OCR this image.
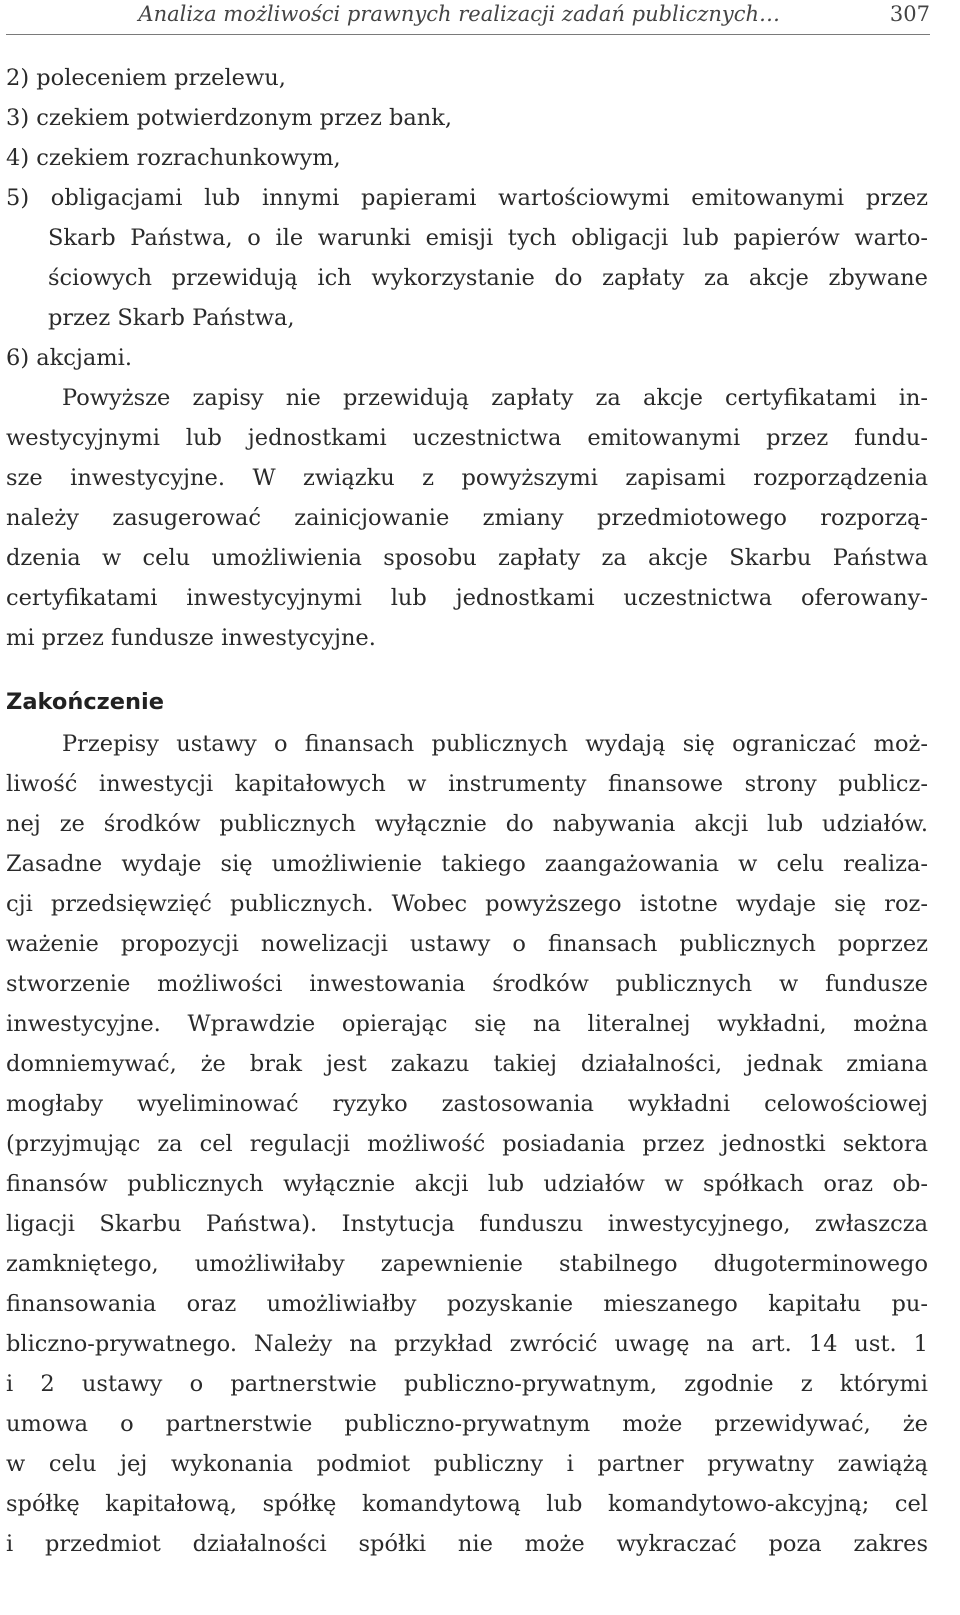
Analiza możliwości prawnych realizacji zadań publicznych…	307
2) poleceniem przelewu,
3) czekiem potwierdzonym przez bank,
4) czekiem rozrachunkowym,
5) obligacjami lub innymi papierami wartościowymi emitowanymi przez
Skarb Państwa, o ile warunki emisji tych obligacji lub papierów warto-
ściowych przewidują ich wykorzystanie do zapłaty za akcje zbywane
przez Skarb Państwa,
6) akcjami.
Powyższe zapisy nie przewidują zapłaty za akcje certyfikatami in-
westycyjnymi lub jednostkami uczestnictwa emitowanymi przez fundu-
sze inwestycyjne. W związku z powyższymi zapisami rozporządzenia
należy zasugerować zainicjowanie zmiany przedmiotowego rozporzą-
dzenia w celu umożliwienia sposobu zapłaty za akcje Skarbu Państwa
certyfikatami inwestycyjnymi lub jednostkami uczestnictwa oferowany-
mi przez fundusze inwestycyjne.
Zakończenie
Przepisy ustawy o finansach publicznych wydają się ograniczać moż-
liwość inwestycji kapitałowych w instrumenty finansowe strony publicz-
nej ze środków publicznych wyłącznie do nabywania akcji lub udziałów.
Zasadne wydaje się umożliwienie takiego zaangażowania w celu realiza-
cji przedsięwzięć publicznych. Wobec powyższego istotne wydaje się roz-
ważenie propozycji nowelizacji ustawy o finansach publicznych poprzez
stworzenie możliwości inwestowania środków publicznych w fundusze
inwestycyjne. Wprawdzie opierając się na literalnej wykładni, można
domniemywać, że brak jest zakazu takiej działalności, jednak zmiana
mogłaby wyeliminować ryzyko zastosowania wykładni celowościowej
(przyjmując za cel regulacji możliwość posiadania przez jednostki sektora
finansów publicznych wyłącznie akcji lub udziałów w spółkach oraz ob-
ligacji Skarbu Państwa). Instytucja funduszu inwestycyjnego, zwłaszcza
zamkniętego, umożliwiłaby zapewnienie stabilnego długoterminowego
finansowania oraz umożliwiałby pozyskanie mieszanego kapitału pu-
bliczno-prywatnego. Należy na przykład zwrócić uwagę na art. 14 ust. 1
i 2 ustawy o partnerstwie publiczno-prywatnym, zgodnie z którymi
umowa o partnerstwie publiczno-prywatnym może przewidywać, że
w celu jej wykonania podmiot publiczny i partner prywatny zawiążą
spółkę kapitałową, spółkę komandytową lub komandytowo-akcyjną; cel
i przedmiot działalności spółki nie może wykraczać poza zakres
